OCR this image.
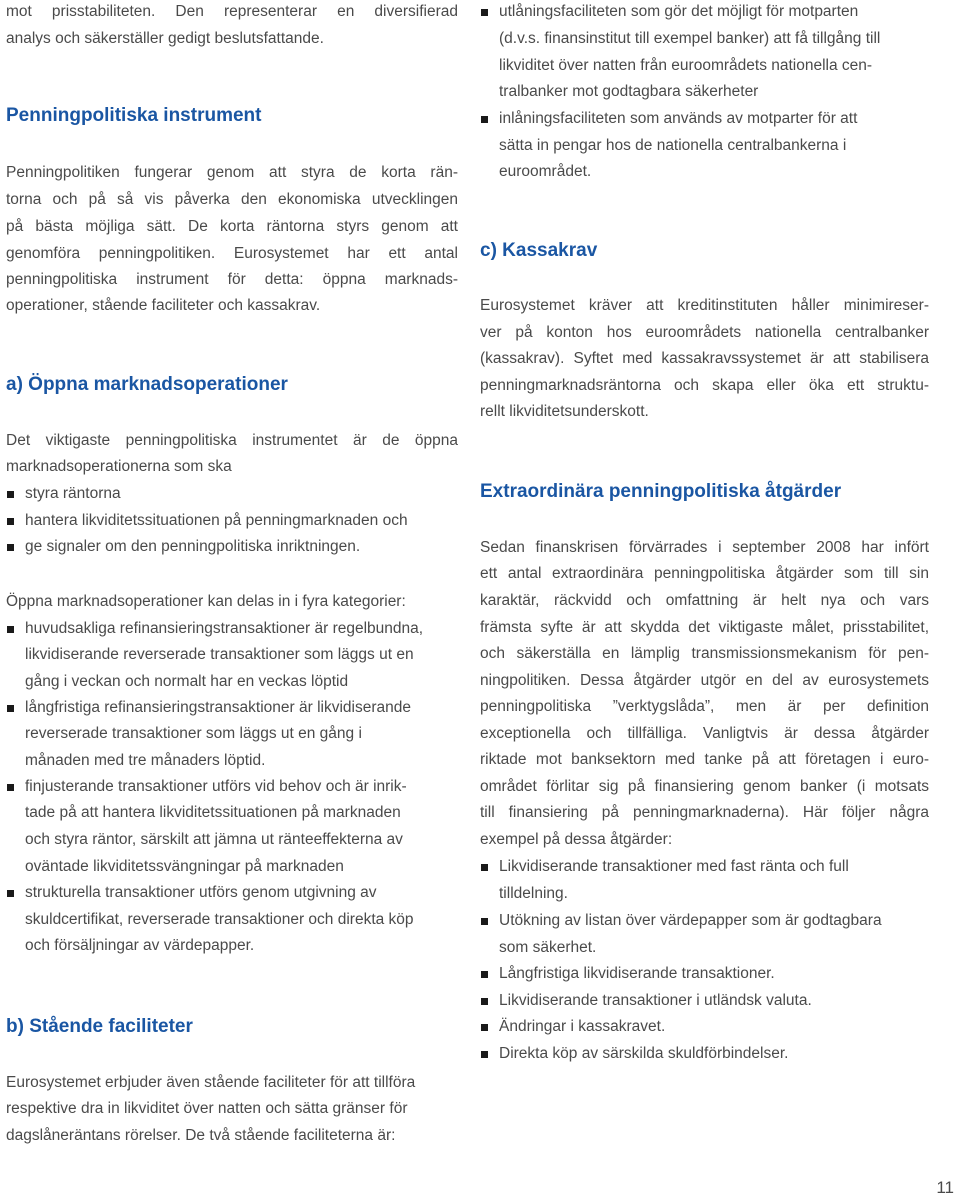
mot prisstabiliteten. Den representerar en diversifierad
analys och säkerställer gedigt beslutsfattande.
Penningpolitiska instrument
Penningpolitiken fungerar genom att styra de korta rän-
torna och på så vis påverka den ekonomiska utvecklingen
på bästa möjliga sätt. De korta räntorna styrs genom att
genomföra penningpolitiken. Eurosystemet har ett antal
penningpolitiska instrument för detta: öppna marknads-
operationer, stående faciliteter och kassakrav.
a) Öppna marknadsoperationer
Det viktigaste penningpolitiska instrumentet är de öppna
marknadsoperationerna som ska
styra räntorna
hantera likviditetssituationen på penningmarknaden och
ge signaler om den penningpolitiska inriktningen.
Öppna marknadsoperationer kan delas in i fyra kategorier:
huvudsakliga refinansieringstransaktioner är regelbundna,
likvidiserande reverserade transaktioner som läggs ut en
gång i veckan och normalt har en veckas löptid
långfristiga refinansieringstransaktioner är likvidiserande
reverserade transaktioner som läggs ut en gång i
månaden med tre månaders löptid.
finjusterande transaktioner utförs vid behov och är inrik-
tade på att hantera likviditetssituationen på marknaden
och styra räntor, särskilt att jämna ut ränteeffekterna av
oväntade likviditetssvängningar på marknaden
strukturella transaktioner utförs genom utgivning av
skuldcertifikat, reverserade transaktioner och direkta köp
och försäljningar av värdepapper.
b) Stående faciliteter
Eurosystemet erbjuder även stående faciliteter för att tillföra
respektive dra in likviditet över natten och sätta gränser för
dagslåneräntans rörelser. De två stående faciliteterna är:
utlåningsfaciliteten som gör det möjligt för motparten
(d.v.s. finansinstitut till exempel banker) att få tillgång till
likviditet över natten från euroområdets nationella cen-
tralbanker mot godtagbara säkerheter
inlåningsfaciliteten som används av motparter för att
sätta in pengar hos de nationella centralbankerna i
euroområdet.
c) Kassakrav
Eurosystemet kräver att kreditinstituten håller minimireser-
ver på konton hos euroområdets nationella centralbanker
(kassakrav). Syftet med kassakravssystemet är att stabilisera
penningmarknadsräntorna och skapa eller öka ett struktu-
rellt likviditetsunderskott.
Extraordinära penningpolitiska åtgärder
Sedan finanskrisen förvärrades i september 2008 har infört
ett antal extraordinära penningpolitiska åtgärder som till sin
karaktär, räckvidd och omfattning är helt nya och vars
främsta syfte är att skydda det viktigaste målet, prisstabilitet,
och säkerställa en lämplig transmissionsmekanism för pen-
ningpolitiken. Dessa åtgärder utgör en del av eurosystemets
penningpolitiska ”verktygslåda”, men är per definition
exceptionella och tillfälliga. Vanligtvis är dessa åtgärder
riktade mot banksektorn med tanke på att företagen i euro-
området förlitar sig på finansiering genom banker (i motsats
till finansiering på penningmarknaderna). Här följer några
exempel på dessa åtgärder:
Likvidiserande transaktioner med fast ränta och full
tilldelning.
Utökning av listan över värdepapper som är godtagbara
som säkerhet.
Långfristiga likvidiserande transaktioner.
Likvidiserande transaktioner i utländsk valuta.
Ändringar i kassakravet.
Direkta köp av särskilda skuldförbindelser.
11
